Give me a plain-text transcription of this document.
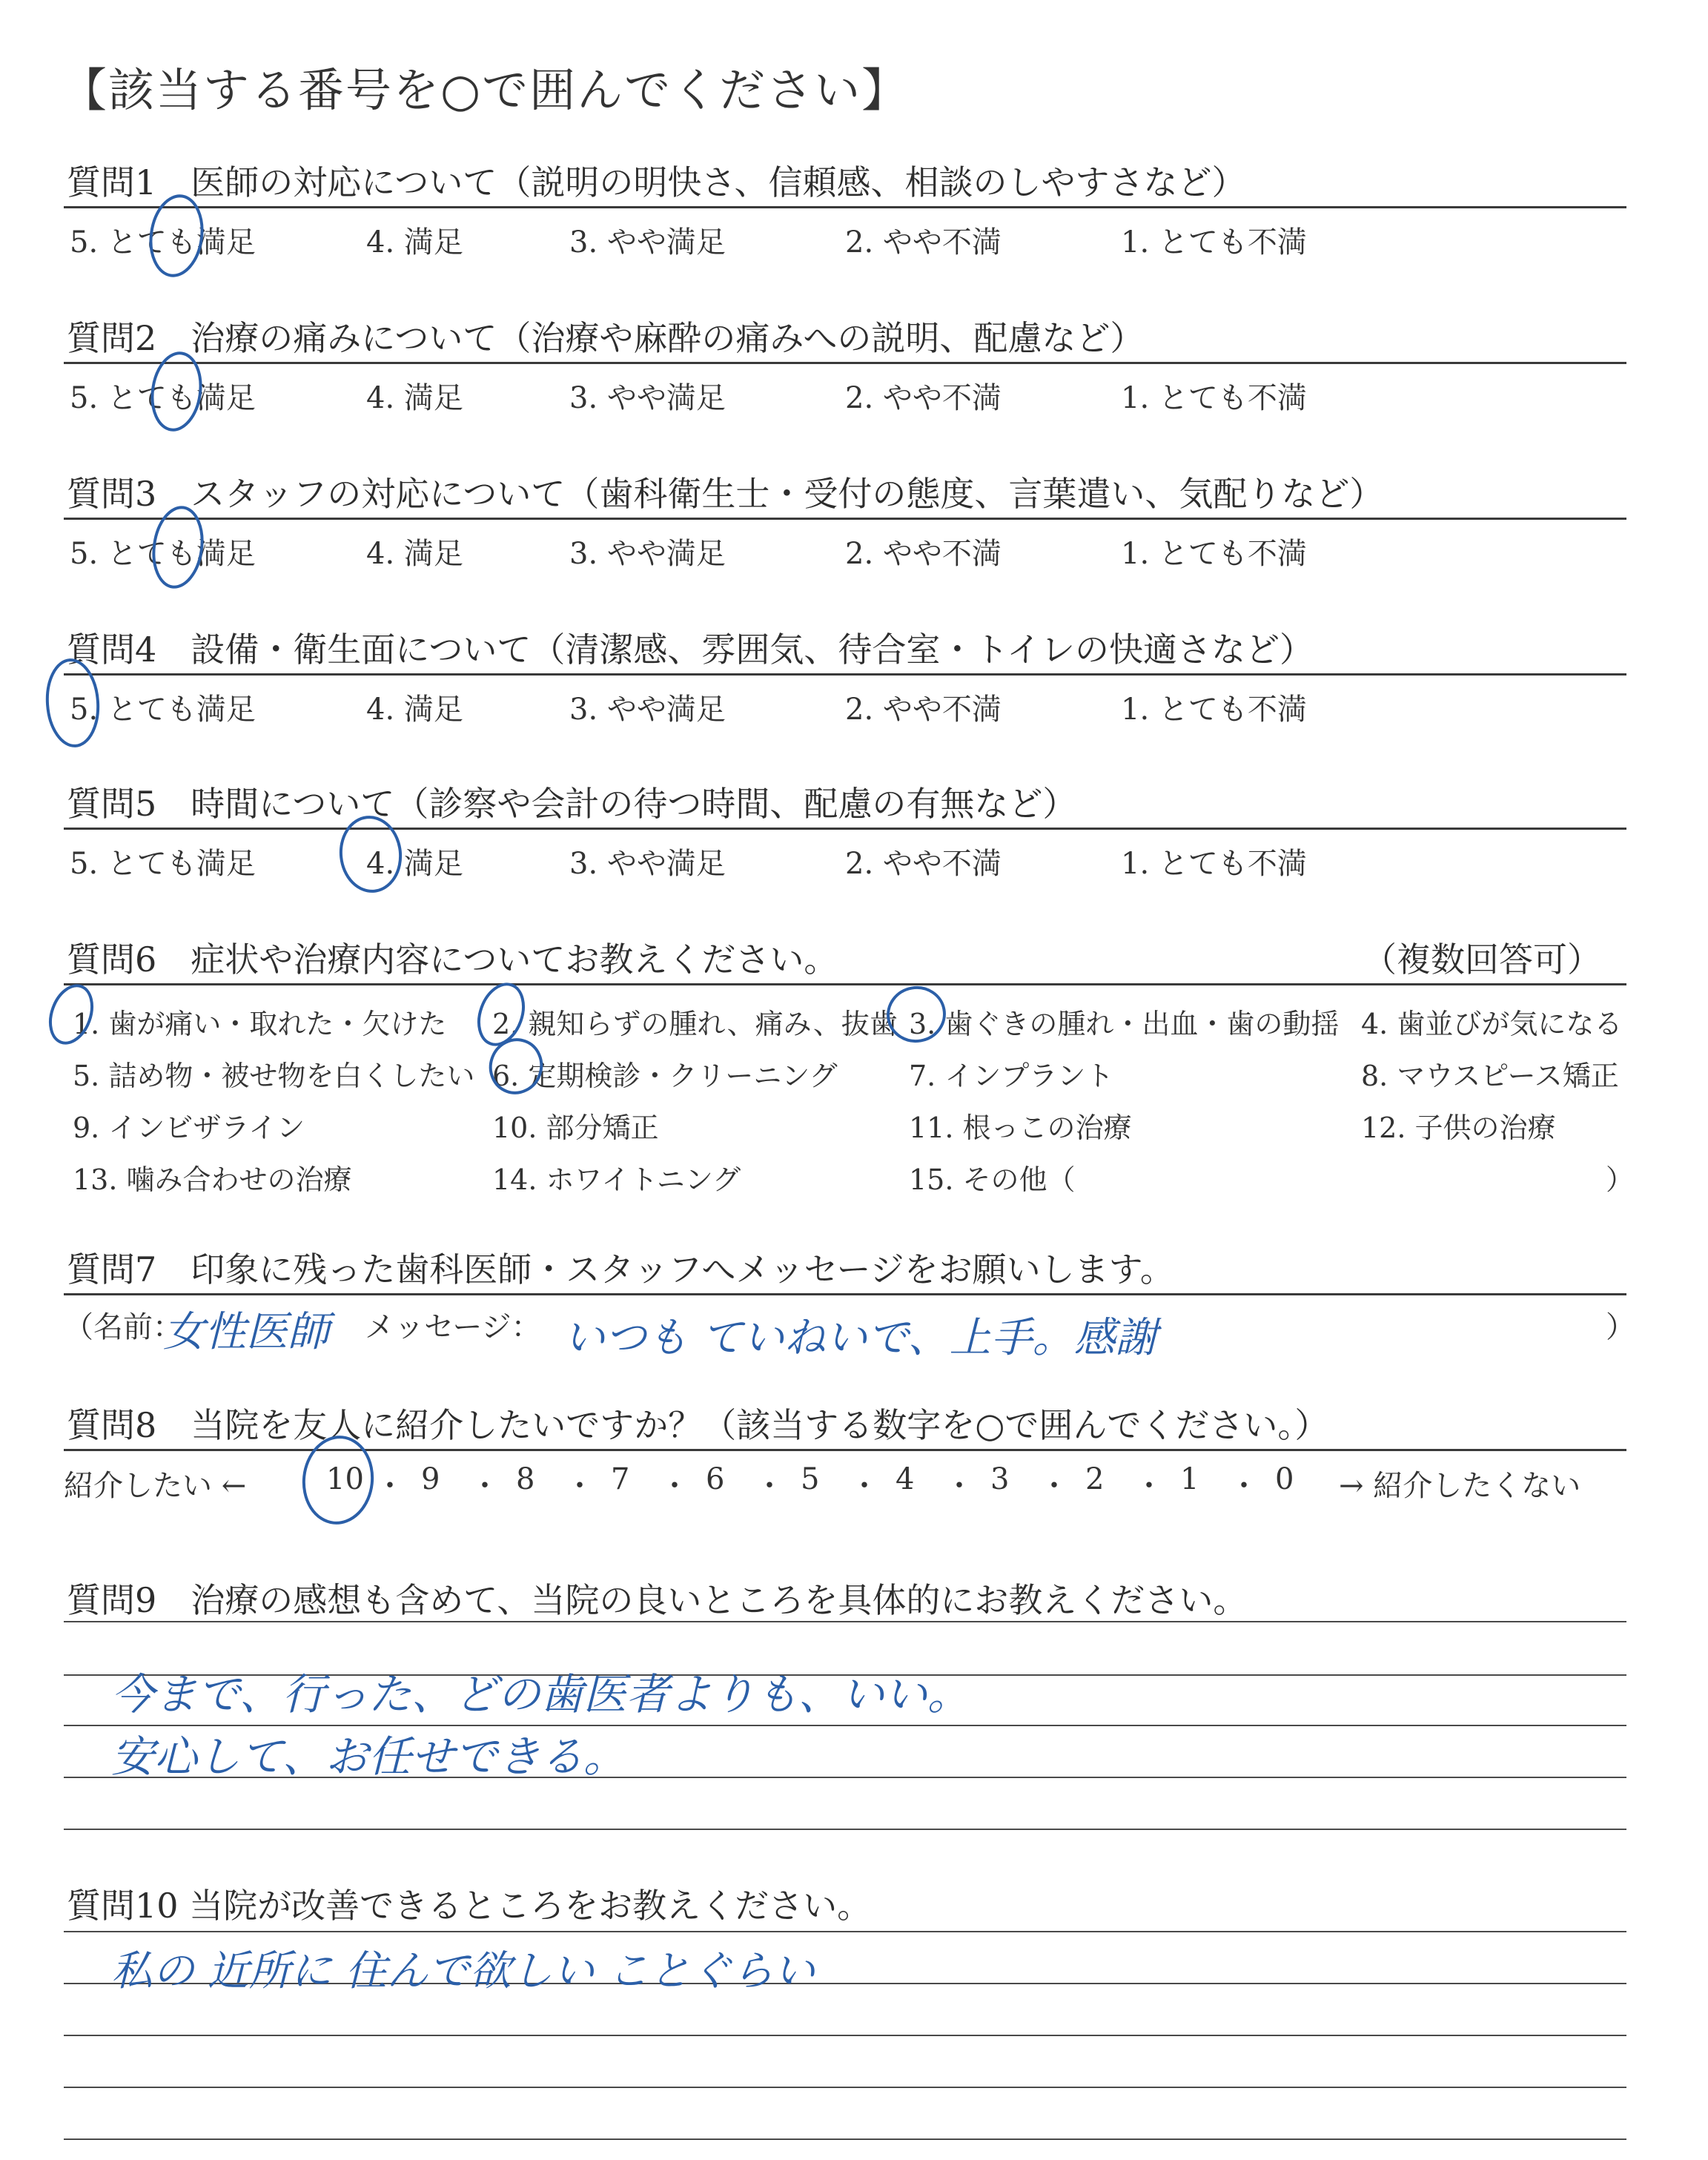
【該当する番号を○で囲んでください】
質問1　医師の対応について（説明の明快さ、信頼感、相談のしやすさなど）
5. とても満足	4. 満足	3. やや満足	2. やや不満	1. とても不満
質問2　治療の痛みについて（治療や麻酔の痛みへの説明、配慮など）
5. とても満足	4. 満足	3. やや満足	2. やや不満	1. とても不満
質問3　スタッフの対応について（歯科衛生士・受付の態度、言葉遣い、気配りなど）
5. とても満足	4. 満足	3. やや満足	2. やや不満	1. とても不満
質問4　設備・衛生面について（清潔感、雰囲気、待合室・トイレの快適さなど）
5. とても満足	4. 満足	3. やや満足	2. やや不満	1. とても不満
質問5　時間について（診察や会計の待つ時間、配慮の有無など）
5. とても満足	4. 満足	3. やや満足	2. やや不満	1. とても不満
質問6　症状や治療内容についてお教えください。	（複数回答可）
1. 歯が痛い・取れた・欠けた 2. 親知らずの腫れ、痛み、抜歯 3. 歯ぐきの腫れ・出血・歯の動揺 4. 歯並びが気になる
5. 詰め物・被せ物を白くしたい 6. 定期検診・クリーニング	7. インプラント	8. マウスピース矯正
9. インビザライン	10. 部分矯正	11. 根っこの治療	12. 子供の治療
13. 噛み合わせの治療	14. ホワイトニング	15. その他（	）
質問7　印象に残った歯科医師・スタッフへメッセージをお願いします。
（名前：
女性医師 メッセージ： いつも ていねいで、上手。感謝	）
質問8　当院を友人に紹介したいですか？（該当する数字を○で囲んでください。）
紹介したい ←	10 ・ 9 ・ 8 ・ 7 ・ 6 ・ 5 ・ 4 ・ 3 ・ 2 ・ 1 ・ 0 → 紹介したくない
質問9　治療の感想も含めて、当院の良いところを具体的にお教えください。
今まで、行った、どの歯医者よりも、いい。
安心して、お任せできる。
質問10 当院が改善できるところをお教えください。
私の 近所に 住んで欲しい ことぐらい
